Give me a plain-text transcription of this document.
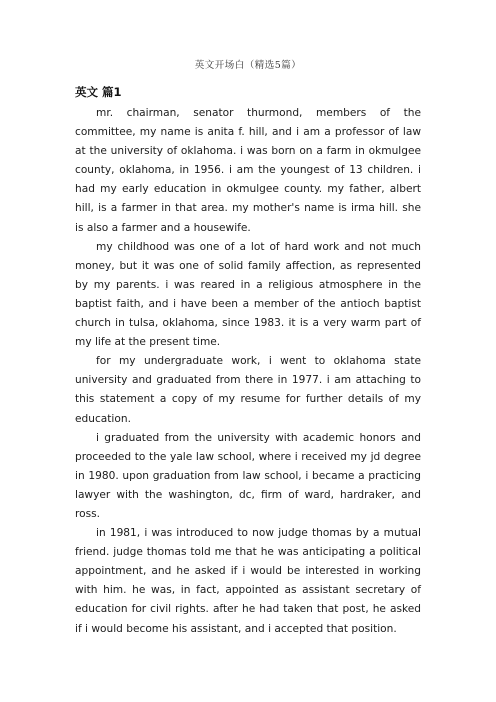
英文开场白（精选5篇）
英文 篇1

mr. chairman, senator thurmond, members of the committee, my name is anita f. hill, and i am a professor of law at the university of oklahoma. i was born on a farm in okmulgee county, oklahoma, in 1956. i am the youngest of 13 children. i had my early education in okmulgee county. my father, albert hill, is a farmer in that area. my mother's name is irma hill. she is also a farmer and a housewife.

my childhood was one of a lot of hard work and not much money, but it was one of solid family affection, as represented by my parents. i was reared in a religious atmosphere in the baptist faith, and i have been a member of the antioch baptist church in tulsa, oklahoma, since 1983. it is a very warm part of my life at the present time.

for my undergraduate work, i went to oklahoma state university and graduated from there in 1977. i am attaching to this statement a copy of my resume for further details of my education.

i graduated from the university with academic honors and proceeded to the yale law school, where i received my jd degree in 1980. upon graduation from law school, i became a practicing lawyer with the washington, dc, firm of ward, hardraker, and ross.

in 1981, i was introduced to now judge thomas by a mutual friend. judge thomas told me that he was anticipating a political appointment, and he asked if i would be interested in working with him. he was, in fact, appointed as assistant secretary of education for civil rights. after he had taken that post, he asked if i would become his assistant, and i accepted that position.
